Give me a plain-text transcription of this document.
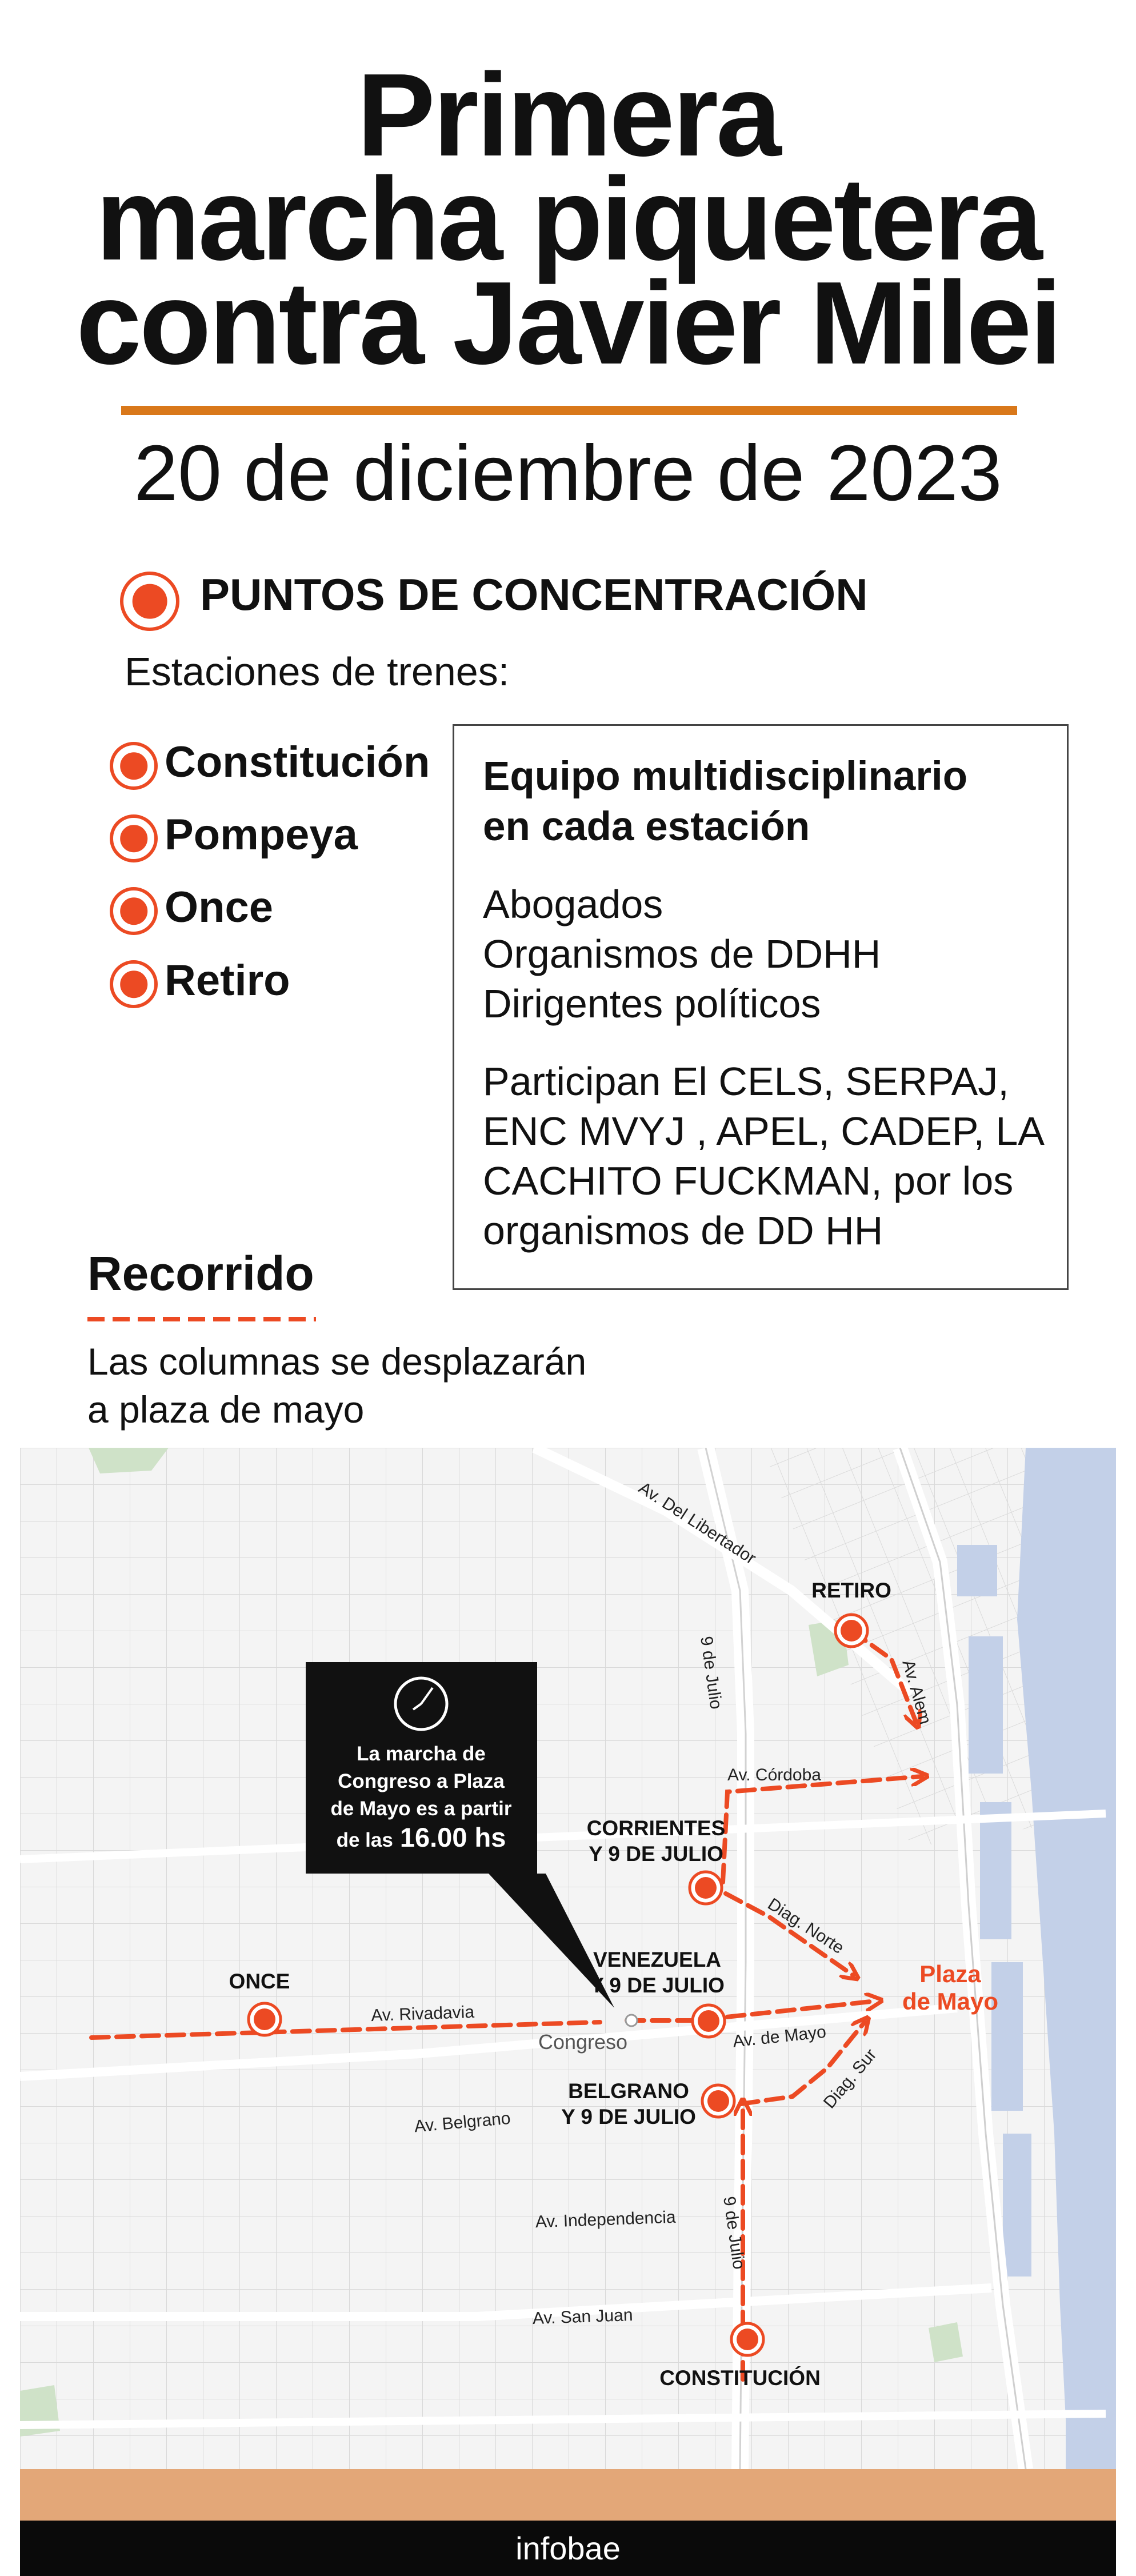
Primera
marcha piquetera
contra Javier Milei
20 de diciembre de 2023
PUNTOS DE CONCENTRACIÓN
Estaciones de trenes:
Constitución
Pompeya
Once
Retiro
Equipo multidisciplinario
en cada estación
Abogados
Organismos de DDHH
Dirigentes políticos
Participan El CELS, SERPAJ,
ENC MVYJ , APEL, CADEP, LA
CACHITO FUCKMAN, por los
organismos de DD HH
Recorrido
Las columnas se desplazarán
a plaza de mayo
La marcha de
Congreso a Plaza
de Mayo es a partir
de las 16.00 hs
RETIRO
CORRIENTES
Y 9 DE JULIO
VENEZUELA
Y 9 DE JULIO
ONCE
BELGRANO
Y 9 DE JULIO
CONSTITUCIÓN
Plaza
de Mayo
Congreso
Av. Del Libertador
9 de Julio	Av. Alem
Av. Córdoba
Diag. Norte
Av. Rivadavia
Av. de Mayo
Diag. Sur
Av. Belgrano
9 de Julio
Av. Independencia
Av. San Juan
infobae
